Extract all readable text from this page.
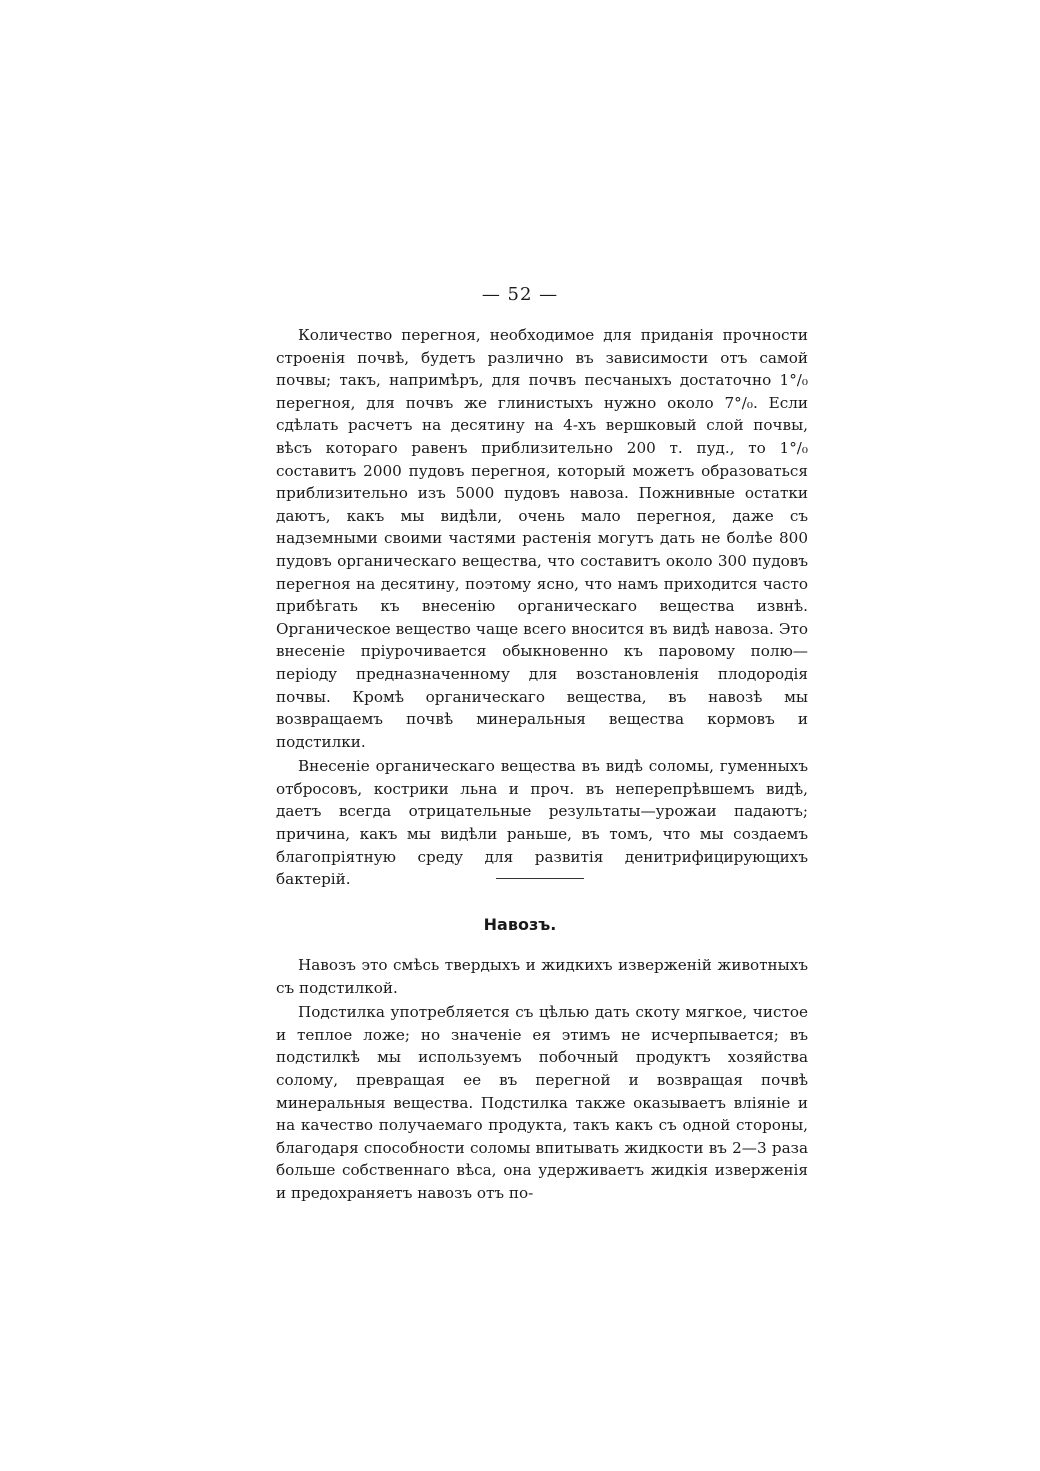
— 52 —

Количество перегноя, необходимое для приданія прочности строенія почвѣ, будетъ различно въ зависимости отъ самой почвы; такъ, напримѣръ, для почвъ песчаныхъ достаточно 1°/₀ перегноя, для почвъ же глинистыхъ нужно около 7°/₀. Если сдѣлать расчетъ на десятину на 4-хъ вершковый слой почвы, вѣсъ котораго равенъ приблизительно 200 т. пуд., то 1°/₀ составитъ 2000 пудовъ перегноя, который можетъ образоваться приблизительно изъ 5000 пудовъ навоза. Пожнивные остатки даютъ, какъ мы видѣли, очень мало перегноя, даже съ надземными своими частями растенія могутъ дать не болѣе 800 пудовъ органическаго вещества, что составитъ около 300 пудовъ перегноя на десятину, поэтому ясно, что намъ приходится часто прибѣгать къ внесенію органическаго вещества извнѣ. Органическое вещество чаще всего вносится въ видѣ навоза. Это внесеніе пріурочивается обыкновенно къ паровому полю—періоду предназначенному для возстановленія плодородія почвы. Кромѣ органическаго вещества, въ навозѣ мы возвращаемъ почвѣ минеральныя вещества кормовъ и подстилки.

Внесеніе органическаго вещества въ видѣ соломы, гуменныхъ отбросовъ, кострики льна и проч. въ неперепрѣвшемъ видѣ, даетъ всегда отрицательные результаты—урожаи падаютъ; причина, какъ мы видѣли раньше, въ томъ, что мы создаемъ благопріятную среду для развитія денитрифицирующихъ бактерій.

Навозъ.

Навозъ это смѣсь твердыхъ и жидкихъ изверженій животныхъ съ подстилкой.

Подстилка употребляется съ цѣлью дать скоту мягкое, чистое и теплое ложе; но значеніе ея этимъ не исчерпывается; въ подстилкѣ мы используемъ побочный продуктъ хозяйства солому, превращая ее въ перегной и возвращая почвѣ минеральныя вещества. Подстилка также оказываетъ вліяніе и на качество получаемаго продукта, такъ какъ съ одной стороны, благодаря способности соломы впитывать жидкости въ 2—3 раза больше собственнаго вѣса, она удерживаетъ жидкія изверженія и предохраняетъ навозъ отъ по-
